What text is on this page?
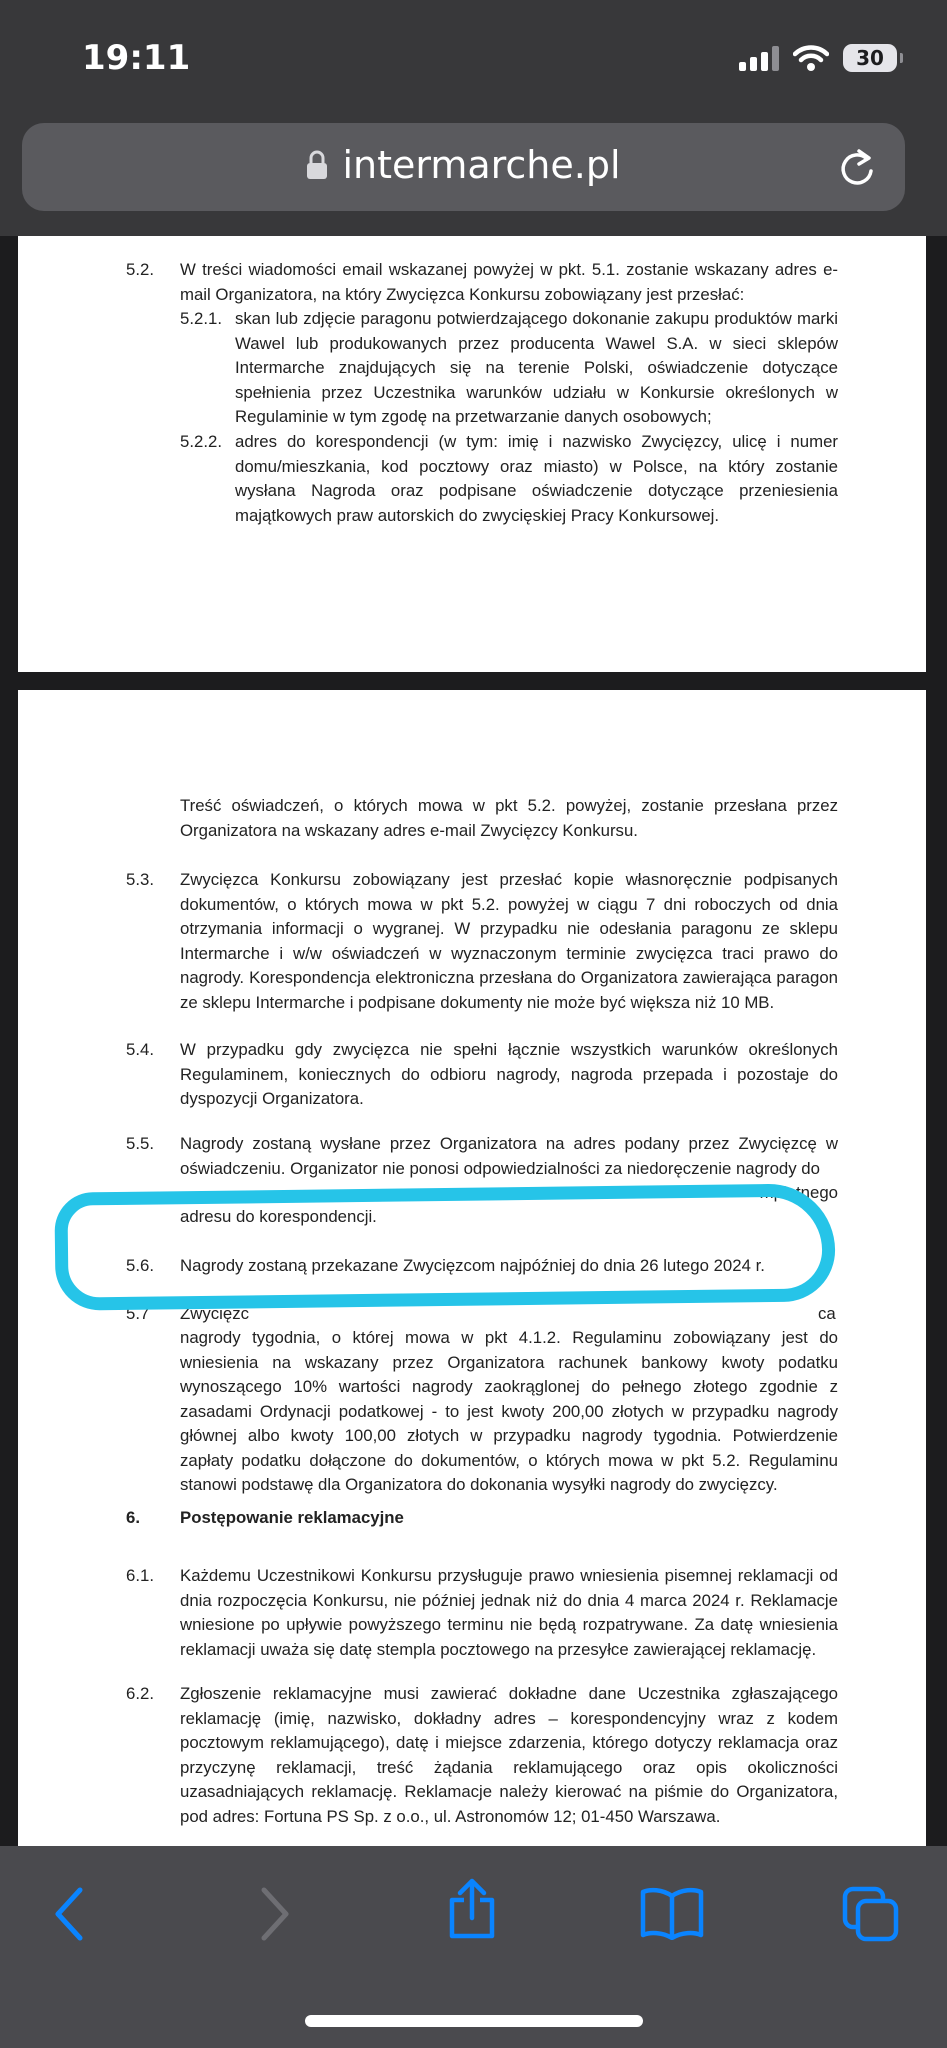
19:11	30
intermarche.pl
5.2. W treści wiadomości email wskazanej powyżej w pkt. 5.1. zostanie wskazany adres e-mail Organizatora, na który Zwycięzca Konkursu zobowiązany jest przesłać:
5.2.1. skan lub zdjęcie paragonu potwierdzającego dokonanie zakupu produktów marki Wawel lub produkowanych przez producenta Wawel S.A. w sieci sklepów Intermarche znajdujących się na terenie Polski, oświadczenie dotyczące spełnienia przez Uczestnika warunków udziału w Konkursie określonych w Regulaminie w tym zgodę na przetwarzanie danych osobowych;
5.2.2. adres do korespondencji (w tym: imię i nazwisko Zwycięzcy, ulicę i numer domu/mieszkania, kod pocztowy oraz miasto) w Polsce, na który zostanie wysłana Nagroda oraz podpisane oświadczenie dotyczące przeniesienia majątkowych praw autorskich do zwycięskiej Pracy Konkursowej.
Treść oświadczeń, o których mowa w pkt 5.2. powyżej, zostanie przesłana przez Organizatora na wskazany adres e-mail Zwycięzcy Konkursu.
5.3. Zwycięzca Konkursu zobowiązany jest przesłać kopie własnoręcznie podpisanych dokumentów, o których mowa w pkt 5.2. powyżej w ciągu 7 dni roboczych od dnia otrzymania informacji o wygranej. W przypadku nie odesłania paragonu ze sklepu Intermarche i w/w oświadczeń w wyznaczonym terminie zwycięzca traci prawo do nagrody. Korespondencja elektroniczna przesłana do Organizatora zawierająca paragon ze sklepu Intermarche i podpisane dokumenty nie może być większa niż 10 MB.
5.4. W przypadku gdy zwycięzca nie spełni łącznie wszystkich warunków określonych Regulaminem, koniecznych do odbioru nagrody, nagroda przepada i pozostaje do dyspozycji Organizatora.
5.5. Nagrody zostaną wysłane przez Organizatora na adres podany przez Zwycięzcę w oświadczeniu. Organizator nie ponosi odpowiedzialności za niedoręczenie nagrody do
mpletnego
adresu do korespondencji.
5.6. Nagrody zostaną przekazane Zwycięzcom najpóźniej do dnia 26 lutego 2024 r.
5.7 Zwycięzc	ca
nagrody tygodnia, o której mowa w pkt 4.1.2. Regulaminu zobowiązany jest do wniesienia na wskazany przez Organizatora rachunek bankowy kwoty podatku wynoszącego 10% wartości nagrody zaokrąglonej do pełnego złotego zgodnie z zasadami Ordynacji podatkowej - to jest kwoty 200,00 złotych w przypadku nagrody głównej albo kwoty 100,00 złotych w przypadku nagrody tygodnia. Potwierdzenie zapłaty podatku dołączone do dokumentów, o których mowa w pkt 5.2. Regulaminu stanowi podstawę dla Organizatora do dokonania wysyłki nagrody do zwycięzcy.
6. Postępowanie reklamacyjne
6.1. Każdemu Uczestnikowi Konkursu przysługuje prawo wniesienia pisemnej reklamacji od dnia rozpoczęcia Konkursu, nie później jednak niż do dnia 4 marca 2024 r. Reklamacje wniesione po upływie powyższego terminu nie będą rozpatrywane. Za datę wniesienia reklamacji uważa się datę stempla pocztowego na przesyłce zawierającej reklamację.
6.2. Zgłoszenie reklamacyjne musi zawierać dokładne dane Uczestnika zgłaszającego reklamację (imię, nazwisko, dokładny adres – korespondencyjny wraz z kodem pocztowym reklamującego), datę i miejsce zdarzenia, którego dotyczy reklamacja oraz przyczynę reklamacji, treść żądania reklamującego oraz opis okoliczności uzasadniających reklamację. Reklamacje należy kierować na piśmie do Organizatora, pod adres: Fortuna PS Sp. z o.o., ul. Astronomów 12; 01-450 Warszawa.
